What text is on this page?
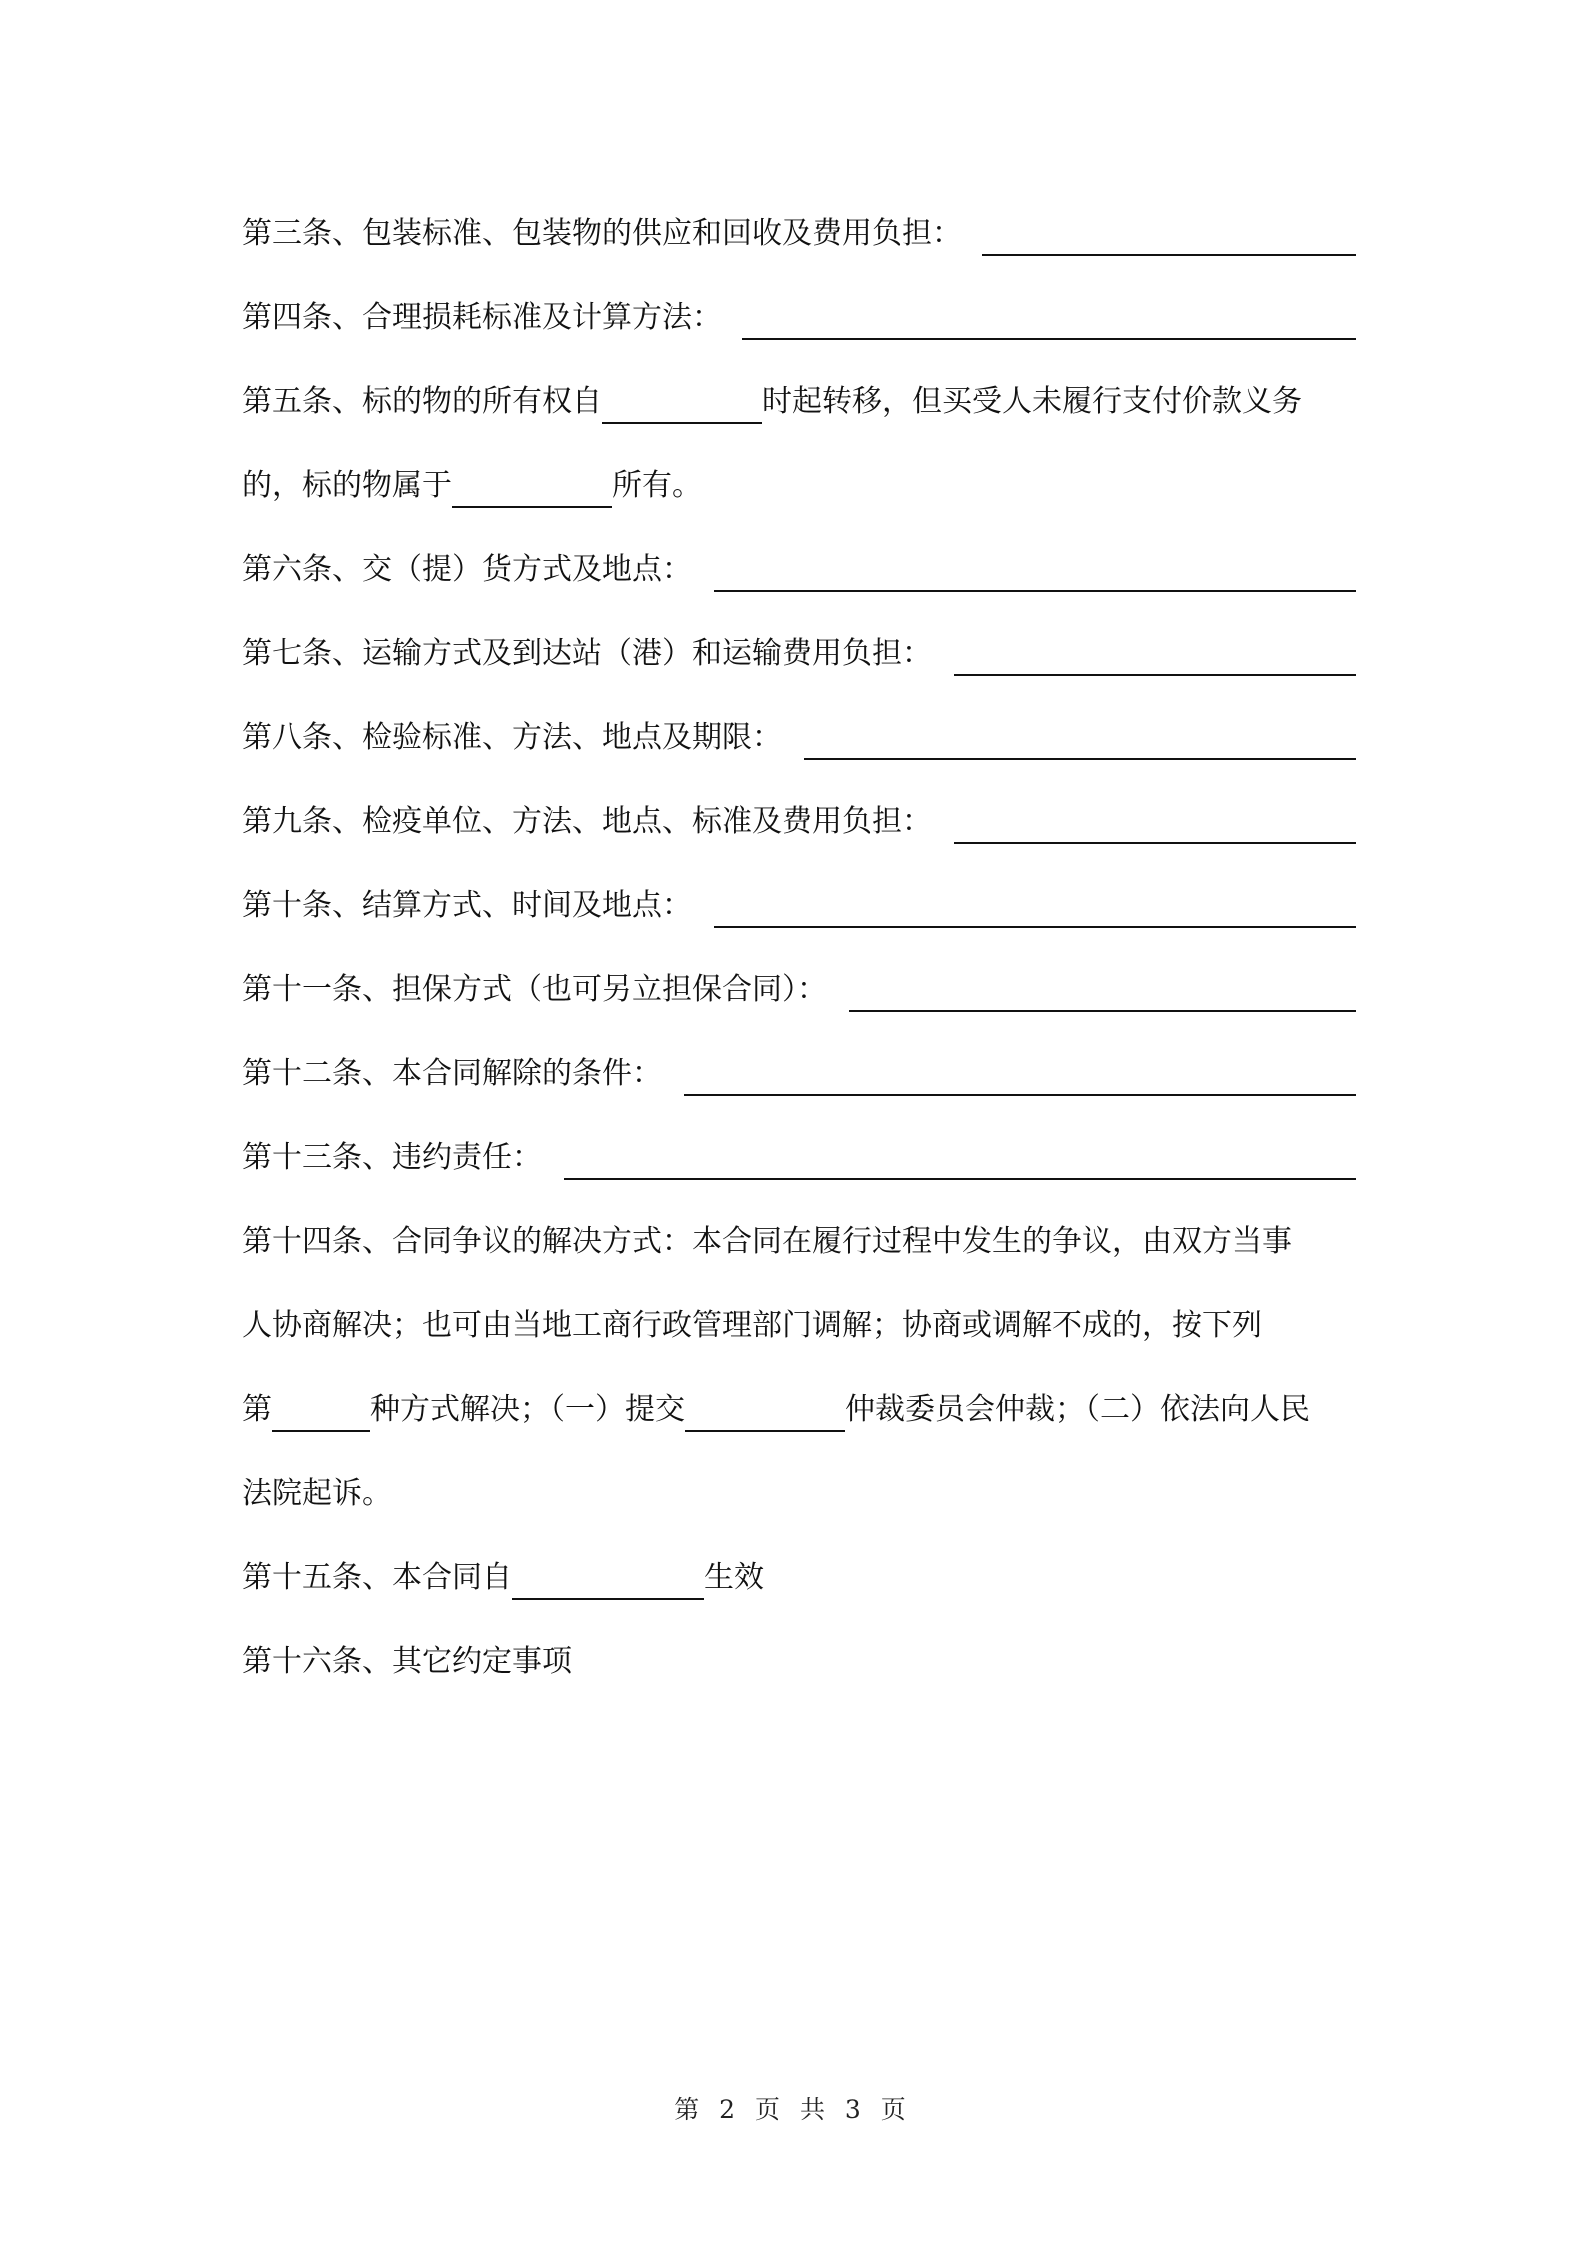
第三条、包装标准、包装物的供应和回收及费用负担：
第四条、合理损耗标准及计算方法：
第五条、标的物的所有权自	时起转移，但买受人未履行支付价款义务
的，标的物属于	所有。
第六条、交（提）货方式及地点：
第七条、运输方式及到达站（港）和运输费用负担：
第八条、检验标准、方法、地点及期限：
第九条、检疫单位、方法、地点、标准及费用负担：
第十条、结算方式、时间及地点：
第十一条、担保方式（也可另立担保合同）：
第十二条、本合同解除的条件：
第十三条、违约责任：
第十四条、合同争议的解决方式：本合同在履行过程中发生的争议，由双方当事
人协商解决；也可由当地工商行政管理部门调解；协商或调解不成的，按下列
第	种方式解决；（一）提交	仲裁委员会仲裁；（二）依法向人民
法院起诉。
第十五条、本合同自	生效
第十六条、其它约定事项
第 2 页 共 3 页
